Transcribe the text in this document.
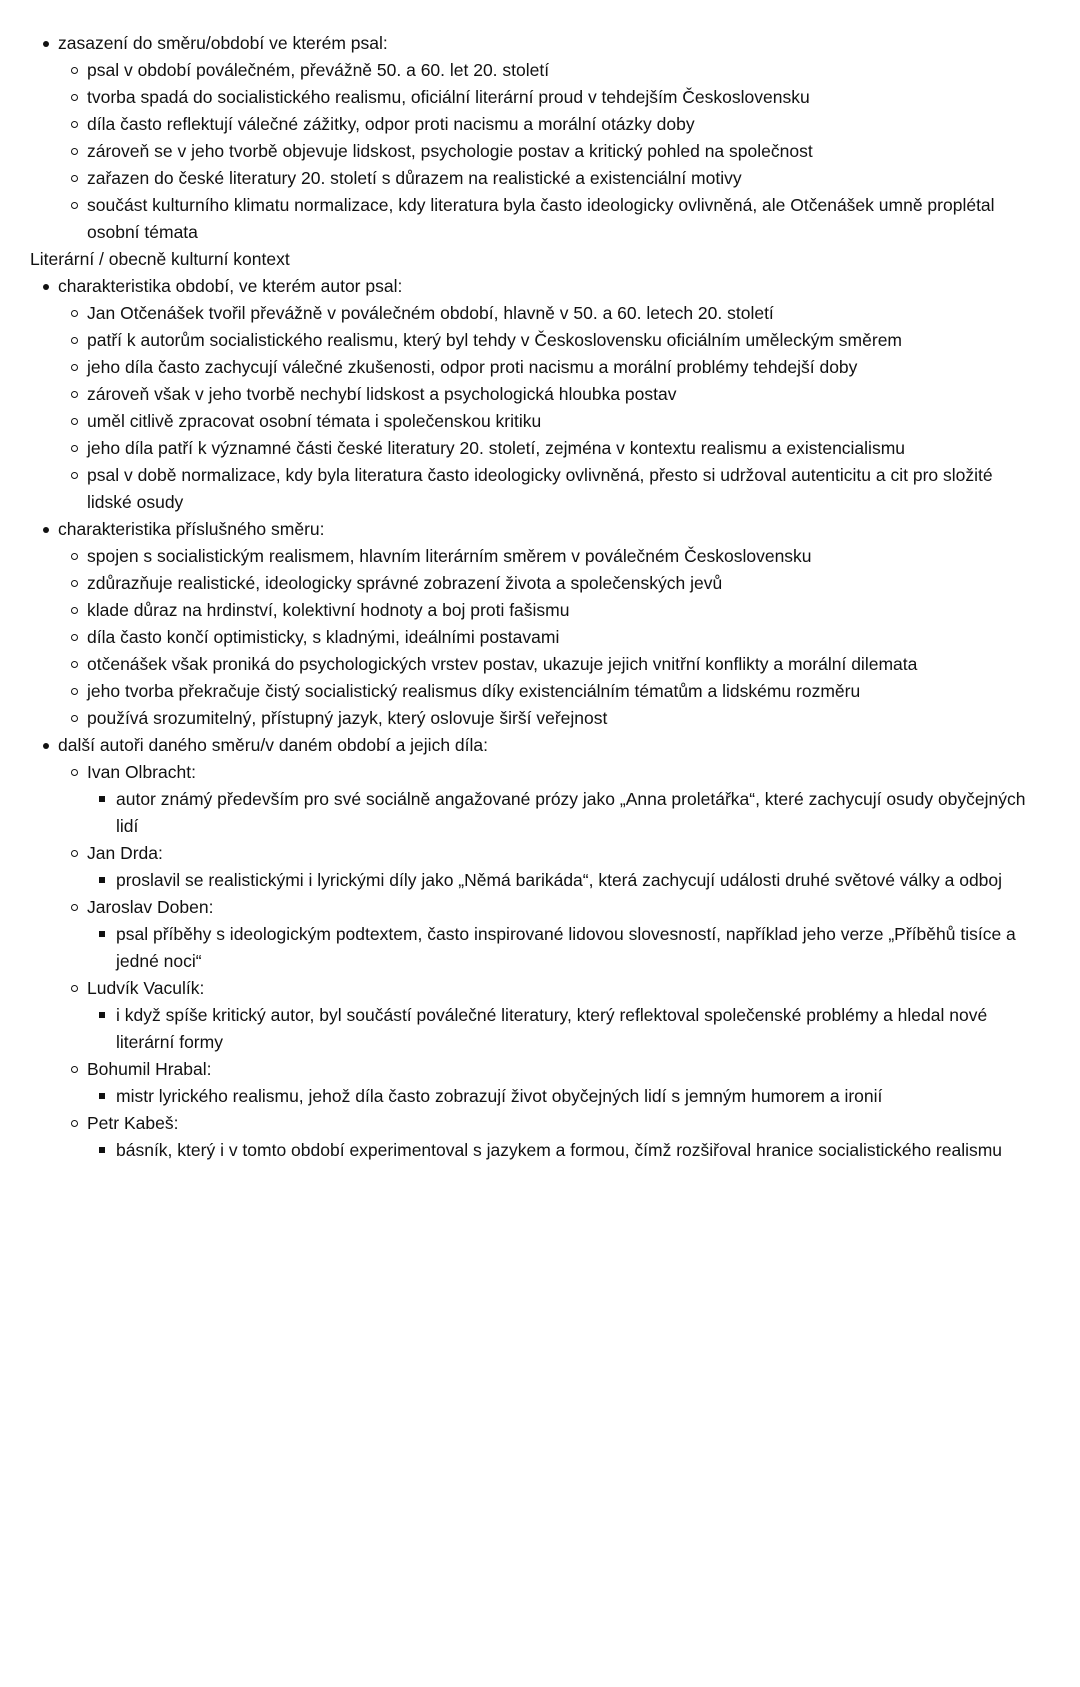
zasazení do směru/období ve kterém psal:
psal v období poválečném, převážně 50. a 60. let 20. století
tvorba spadá do socialistického realismu, oficiální literární proud v tehdejším Československu
díla často reflektují válečné zážitky, odpor proti nacismu a morální otázky doby
zároveň se v jeho tvorbě objevuje lidskost, psychologie postav a kritický pohled na společnost
zařazen do české literatury 20. století s důrazem na realistické a existenciální motivy
součást kulturního klimatu normalizace, kdy literatura byla často ideologicky ovlivněná, ale Otčenášek umně proplétal osobní témata
Literární / obecně kulturní kontext
charakteristika období, ve kterém autor psal:
Jan Otčenášek tvořil převážně v poválečném období, hlavně v 50. a 60. letech 20. století
patří k autorům socialistického realismu, který byl tehdy v Československu oficiálním uměleckým směrem
jeho díla často zachycují válečné zkušenosti, odpor proti nacismu a morální problémy tehdejší doby
zároveň však v jeho tvorbě nechybí lidskost a psychologická hloubka postav
uměl citlivě zpracovat osobní témata i společenskou kritiku
jeho díla patří k významné části české literatury 20. století, zejména v kontextu realismu a existencialismu
psal v době normalizace, kdy byla literatura často ideologicky ovlivněná, přesto si udržoval autenticitu a cit pro složité lidské osudy
charakteristika příslušného směru:
spojen s socialistickým realismem, hlavním literárním směrem v poválečném Československu
zdůrazňuje realistické, ideologicky správné zobrazení života a společenských jevů
klade důraz na hrdinství, kolektivní hodnoty a boj proti fašismu
díla často končí optimisticky, s kladnými, ideálními postavami
otčenášek však proniká do psychologických vrstev postav, ukazuje jejich vnitřní konflikty a morální dilemata
jeho tvorba překračuje čistý socialistický realismus díky existenciálním tématům a lidskému rozměru
používá srozumitelný, přístupný jazyk, který oslovuje širší veřejnost
další autoři daného směru/v daném období a jejich díla:
Ivan Olbracht:
autor známý především pro své sociálně angažované prózy jako „Anna proletářka“, které zachycují osudy obyčejných lidí
Jan Drda:
proslavil se realistickými i lyrickými díly jako „Němá barikáda“, která zachycují události druhé světové války a odboj
Jaroslav Doben:
psal příběhy s ideologickým podtextem, často inspirované lidovou slovesností, například jeho verze „Příběhů tisíce a jedné noci“
Ludvík Vaculík:
i když spíše kritický autor, byl součástí poválečné literatury, který reflektoval společenské problémy a hledal nové literární formy
Bohumil Hrabal:
mistr lyrického realismu, jehož díla často zobrazují život obyčejných lidí s jemným humorem a ironií
Petr Kabeš:
básník, který i v tomto období experimentoval s jazykem a formou, čímž rozšiřoval hranice socialistického realismu
